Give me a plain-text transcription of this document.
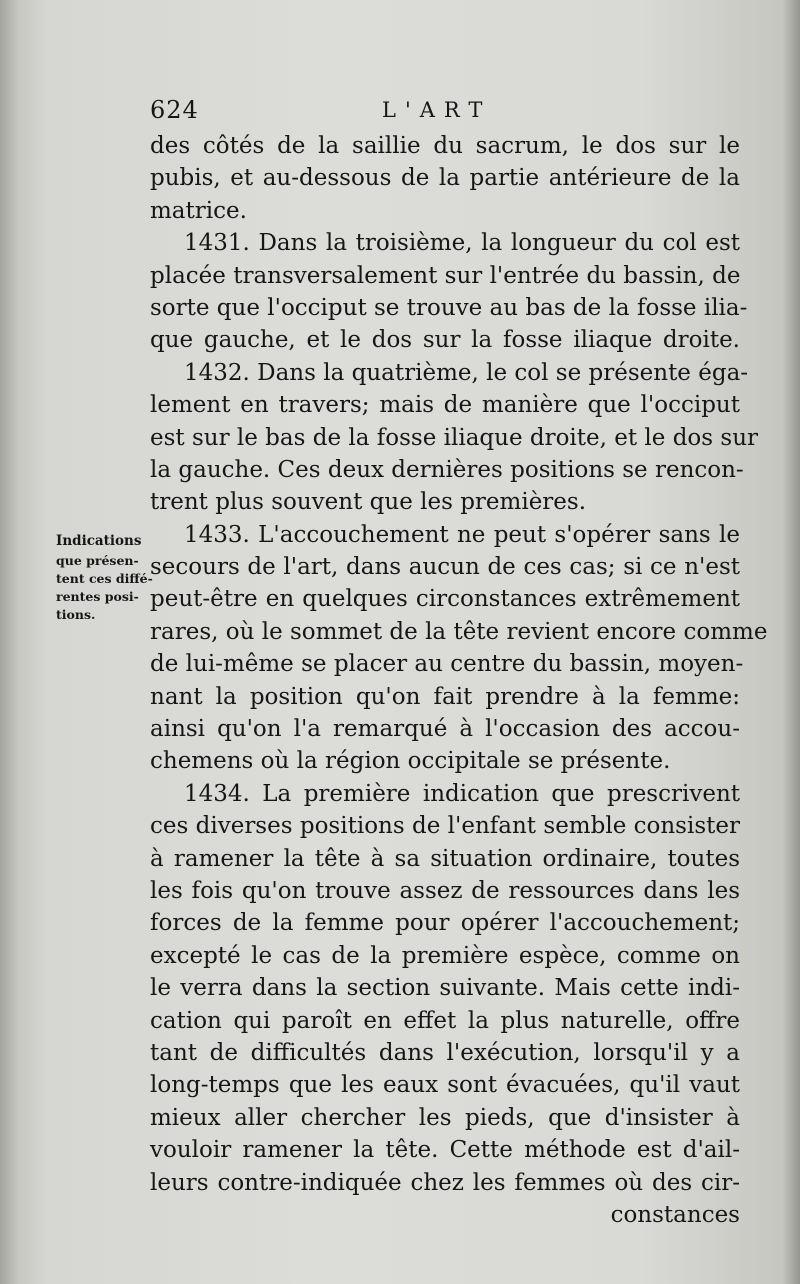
624	L'ART
Indications
que présen-
tent ces diffé-
rentes posi-
tions.
des côtés de la saillie du sacrum, le dos sur le
pubis, et au-dessous de la partie antérieure de la
matrice.
1431. Dans la troisième, la longueur du col est
placée transversalement sur l'entrée du bassin, de
sorte que l'occiput se trouve au bas de la fosse ilia-
que gauche, et le dos sur la fosse iliaque droite.
1432. Dans la quatrième, le col se présente éga-
lement en travers; mais de manière que l'occiput
est sur le bas de la fosse iliaque droite, et le dos sur
la gauche. Ces deux dernières positions se rencon-
trent plus souvent que les premières.
1433. L'accouchement ne peut s'opérer sans le
secours de l'art, dans aucun de ces cas; si ce n'est
peut-être en quelques circonstances extrêmement
rares, où le sommet de la tête revient encore comme
de lui-même se placer au centre du bassin, moyen-
nant la position qu'on fait prendre à la femme:
ainsi qu'on l'a remarqué à l'occasion des accou-
chemens où la région occipitale se présente.
1434. La première indication que prescrivent
ces diverses positions de l'enfant semble consister
à ramener la tête à sa situation ordinaire, toutes
les fois qu'on trouve assez de ressources dans les
forces de la femme pour opérer l'accouchement;
excepté le cas de la première espèce, comme on
le verra dans la section suivante. Mais cette indi-
cation qui paroît en effet la plus naturelle, offre
tant de difficultés dans l'exécution, lorsqu'il y a
long-temps que les eaux sont évacuées, qu'il vaut
mieux aller chercher les pieds, que d'insister à
vouloir ramener la tête. Cette méthode est d'ail-
leurs contre-indiquée chez les femmes où des cir-
constances
